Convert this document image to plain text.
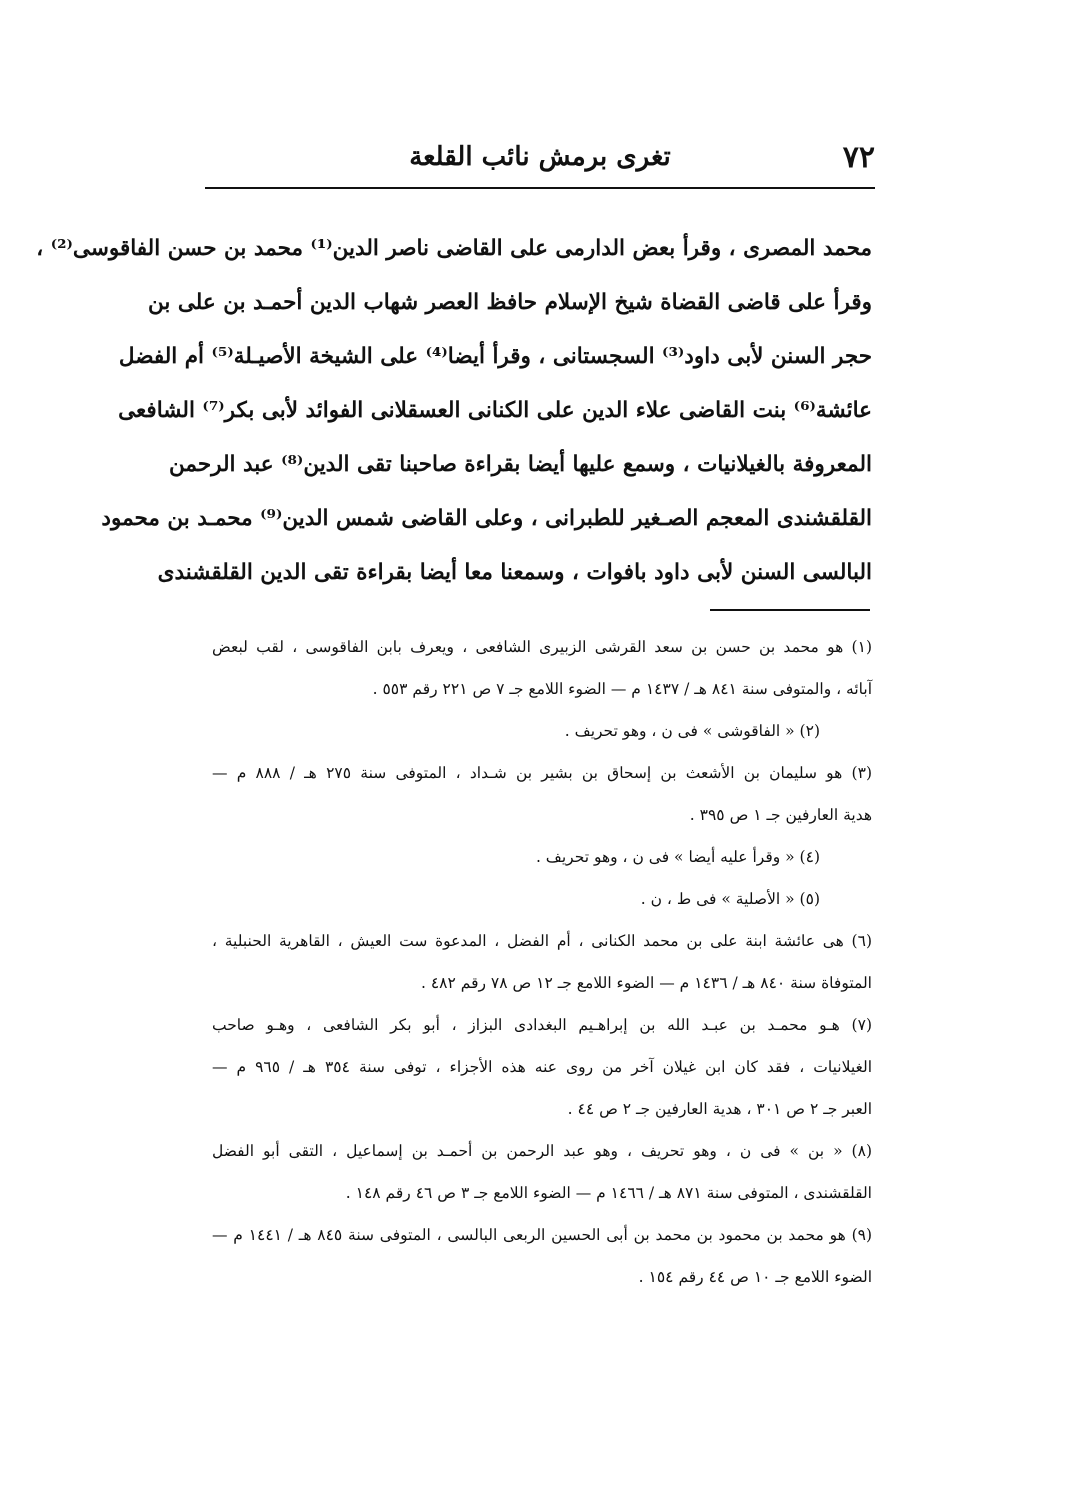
٧٢
تغرى برمش نائب القلعة
محمد المصرى ، وقرأ بعض الدارمى على القاضى ناصر الدين⁽¹⁾ محمد بن حسن الفاقوسى⁽²⁾ ،
وقرأ على قاضى القضاة شيخ الإسلام حافظ العصر شهاب الدين أحمـد بن على بن
حجر السنن لأبى داود⁽³⁾ السجستانى ، وقرأ أيضا⁽⁴⁾ على الشيخة الأصيـلة⁽⁵⁾ أم الفضل
عائشة⁽⁶⁾ بنت القاضى علاء الدين على الكنانى العسقلانى الفوائد لأبى بكر⁽⁷⁾ الشافعى
المعروفة بالغيلانيات ، وسمع عليها أيضا بقراءة صاحبنا تقى الدين⁽⁸⁾ عبد الرحمن
القلقشندى المعجم الصـغير للطبرانى ، وعلى القاضى شمس الدين⁽⁹⁾ محمـد بن محمود
البالسى السنن لأبى داود بافوات ، وسمعنا معا أيضا بقراءة تقى الدين القلقشندى
(١) هو محمد بن حسن بن سعد القرشى الزبيرى الشافعى ، ويعرف بابن الفاقوسى ، لقب لبعض
آبائه ، والمتوفى سنة ٨٤١ هـ / ١٤٣٧ م — الضوء اللامع جـ ٧ ص ٢٢١ رقم ٥٥٣ .
(٢) « الفاقوشى » فى ن ، وهو تحريف .
(٣) هو سليمان بن الأشعث بن إسحاق بن بشير بن شـداد ، المتوفى سنة ٢٧٥ هـ / ٨٨٨ م —
هدية العارفين جـ ١ ص ٣٩٥ .
(٤) « وقرأ عليه أيضا » فى ن ، وهو تحريف .
(٥) « الأصلية » فى ط ، ن .
(٦) هى عائشة ابنة على بن محمد الكنانى ، أم الفضل ، المدعوة ست العيش ، القاهرية الحنبلية ،
المتوفاة سنة ٨٤٠ هـ / ١٤٣٦ م — الضوء اللامع جـ ١٢ ص ٧٨ رقم ٤٨٢ .
(٧) هـو محمـد بن عبـد الله بن إبراهـيم البغدادى البزاز ، أبو بكر الشافعى ، وهـو صاحب
الغيلانيات ، فقد كان ابن غيلان آخر من روى عنه هذه الأجزاء ، توفى سنة ٣٥٤ هـ / ٩٦٥ م —
العبر جـ ٢ ص ٣٠١ ، هدية العارفين جـ ٢ ص ٤٤ .
(٨) « بن » فى ن ، وهو تحريف ، وهو عبد الرحمن بن أحمـد بن إسماعيل ، التقى أبو الفضل
القلقشندى ، المتوفى سنة ٨٧١ هـ / ١٤٦٦ م — الضوء اللامع جـ ٣ ص ٤٦ رقم ١٤٨ .
(٩) هو محمد بن محمود بن محمد بن أبى الحسين الربعى البالسى ، المتوفى سنة ٨٤٥ هـ / ١٤٤١ م —
الضوء اللامع جـ ١٠ ص ٤٤ رقم ١٥٤ .
